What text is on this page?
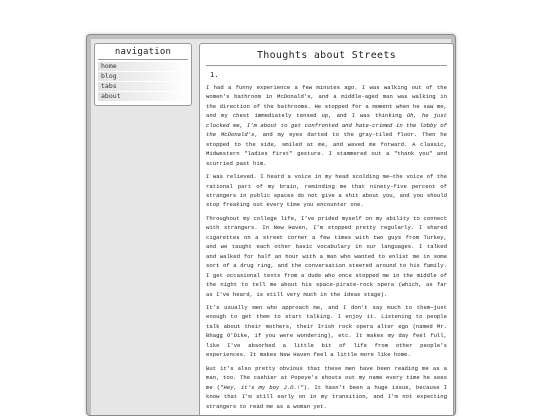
navigation
home
blog
tabs
about
Thoughts about Streets
1.

I had a funny experience a few minutes ago. I was walking out of the women's bathroom in McDonald's, and a middle-aged man was walking in the direction of the bathrooms. He stopped for a moment when he saw me, and my chest immediately tensed up, and I was thinking Oh, he just clocked me, I'm about to get confronted and hate-crimed in the lobby of the McDonald's, and my eyes darted to the gray-tiled floor. Then he stopped to the side, smiled at me, and waved me forward. A classic, Midwestern "ladies first" gesture. I stammered out a "thank you" and scurried past him.

I was relieved. I heard a voice in my head scolding me—the voice of the rational part of my brain, reminding me that ninety-five percent of strangers in public spaces do not give a shit about you, and you should stop freaking out every time you encounter one.

Throughout my college life, I've prided myself on my ability to connect with strangers. In New Haven, I'm stopped pretty regularly. I shared cigarettes on a street corner a few times with two guys from Turkey, and we taught each other basic vocabulary in our languages. I talked and walked for half an hour with a man who wanted to enlist me in some sort of a drug ring, and the conversation steered around to his family. I get occasional texts from a dude who once stopped me in the middle of the night to tell me about his space-pirate-rock opera (which, as far as I've heard, is still very much in the ideas stage).

It's usually men who approach me, and I don't say much to them—just enough to get them to start talking. I enjoy it. Listening to people talk about their mothers, their Irish rock opera alter ego (named Mr. Bhagg O'Dike, if you were wondering), etc. It makes my day feel full, like I've absorbed a little bit of life from other people's experiences. It makes New Haven feel a little more like home.

But it's also pretty obvious that these men have been reading me as a man, too. The cashier at Popeye's shouts out my name every time he sees me ("Hey, it's my boy J.D.!"). It hasn't been a huge issue, because I know that I'm still early on in my transition, and I'm not expecting strangers to read me as a woman yet.
